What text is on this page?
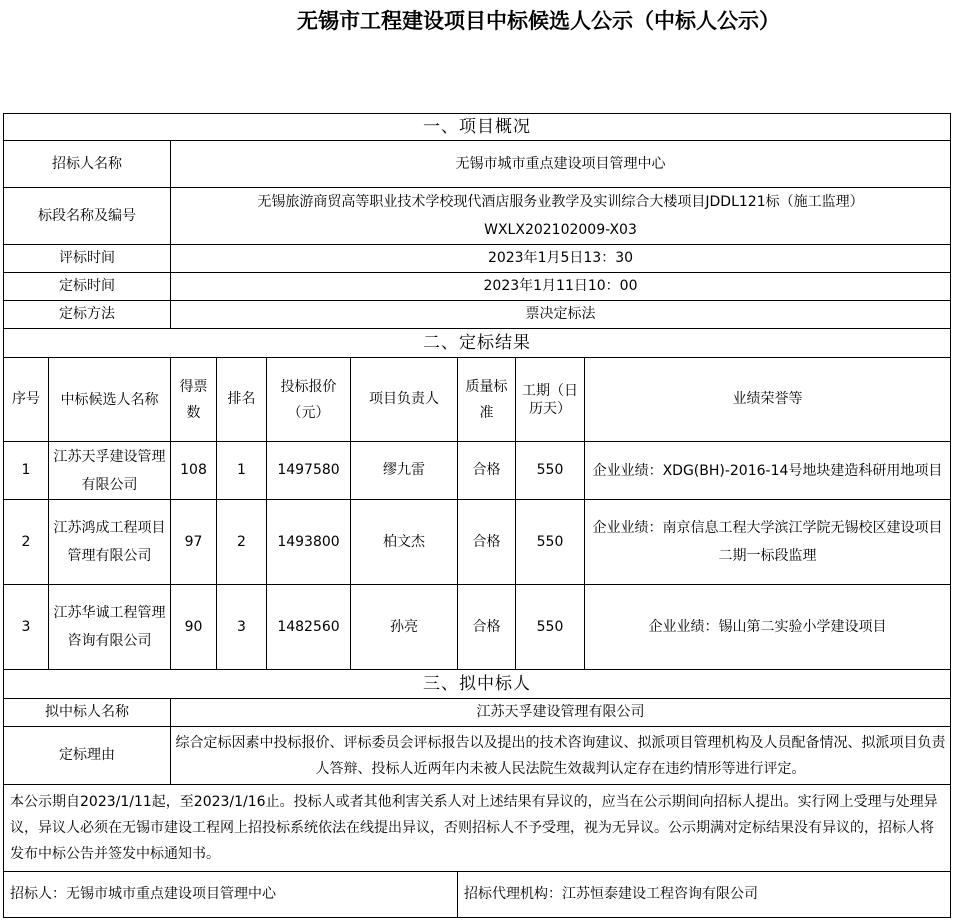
无锡市工程建设项目中标候选人公示（中标人公示）
一、项目概况								
招标人名称		无锡市城市重点建设项目管理中心						
标段名称及编号		无锡旅游商贸高等职业技术学校现代酒店服务业教学及实训综合大楼项目JDDL121标（施工监理）
WXLX202102009-X03						

评标时间		2023年1月5日13：30						
定标时间		2023年1月11日10：00						
定标方法		票决定标法						
二、定标结果								
序号	中标候选人名称	得票数	排名	投标报价（元）	项目负责人	质量标准	工期（日历天）	业绩荣誉等
1	江苏天孚建设管理有限公司	108	1	1497580	缪九雷	合格	550	企业业绩：XDG(BH)-2016-14号地块建造科研用地项目
2	江苏鸿成工程项目管理有限公司	97	2	1493800	柏文杰	合格	550	企业业绩：南京信息工程大学滨江学院无锡校区建设项目二期一标段监理
3	江苏华诚工程管理咨询有限公司	90	3	1482560	孙亮	合格	550	企业业绩：锡山第二实验小学建设项目
三、拟中标人								
拟中标人名称		江苏天孚建设管理有限公司						
定标理由		综合定标因素中投标报价、评标委员会评标报告以及提出的技术咨询建议、拟派项目管理机构及人员配备情况、拟派项目负责人答辩、投标人近两年内未被人民法院生效裁判认定存在违约情形等进行评定。						
本公示期自2023/1/11起，至2023/1/16止。投标人或者其他利害关系人对上述结果有异议的，应当在公示期间向招标人提出。实行网上受理与处理异议，异议人必须在无锡市建设工程网上招投标系统依法在线提出异议，否则招标人不予受理，视为无异议。公示期满对定标结果没有异议的，招标人将发布中标公告并签发中标通知书。								
招标人：无锡市城市重点建设项目管理中心						招标代理机构：江苏恒泰建设工程咨询有限公司		
